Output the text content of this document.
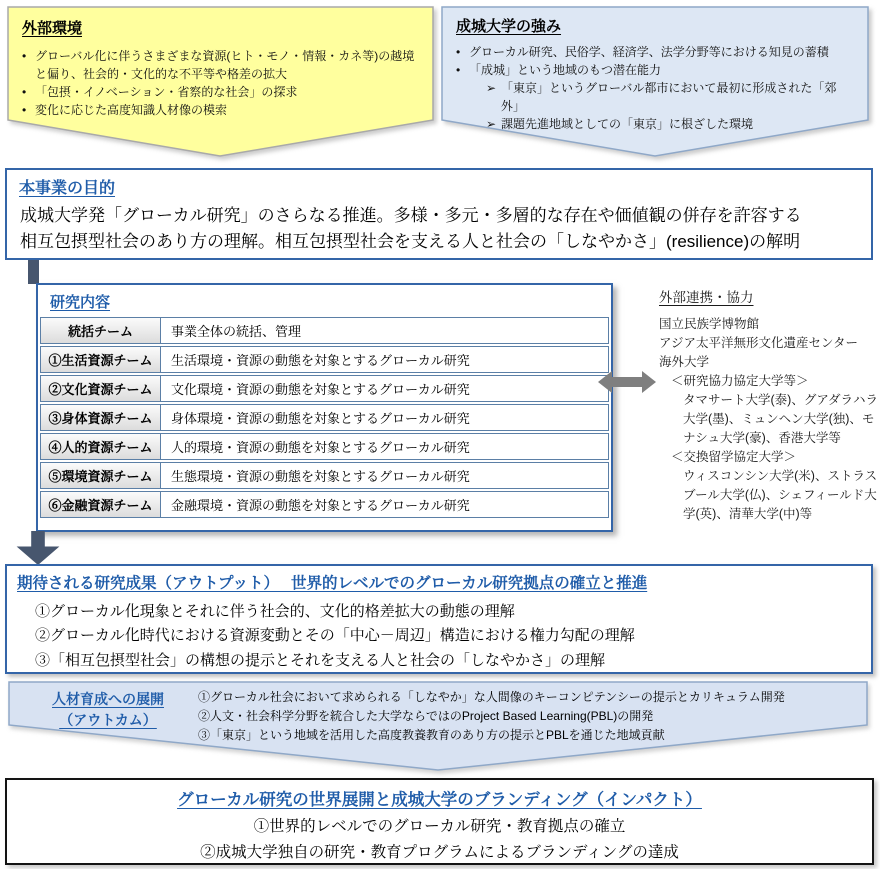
外部環境
• グローバル化に伴うさまざまな資源(ヒト・モノ・情報・カネ等)の越境と偏り、社会的・文化的な不平等や格差の拡大
• 「包摂・イノベーション・省察的な社会」の探求
• 変化に応じた高度知識人材像の模索
成城大学の強み
• グローカル研究、民俗学、経済学、法学分野等における知見の蓄積
• 「成城」という地域のもつ潜在能力
➢ 「東京」というグローバル都市において最初に形成された「郊外」
➢ 課題先進地域としての「東京」に根ざした環境
本事業の目的
成城大学発「グローカル研究」のさらなる推進。多様・多元・多層的な存在や価値観の併存を許容する
相互包摂型社会のあり方の理解。相互包摂型社会を支える人と社会の「しなやかさ」(resilience)の解明
研究内容
統括チーム	事業全体の統括、管理
①生活資源チーム	生活環境・資源の動態を対象とするグローカル研究
②文化資源チーム	文化環境・資源の動態を対象とするグローカル研究
③身体資源チーム	身体環境・資源の動態を対象とするグローカル研究
④人的資源チーム	人的環境・資源の動態を対象とするグローカル研究
⑤環境資源チーム	生態環境・資源の動態を対象とするグローカル研究
⑥金融資源チーム	金融環境・資源の動態を対象とするグローカル研究
外部連携・協力
国立民族学博物館
アジア太平洋無形文化遺産センター
海外大学
＜研究協力協定大学等＞
タマサート大学(泰)、グアダラハラ大学(墨)、ミュンヘン大学(独)、モナシュ大学(豪)、香港大学等
＜交換留学協定大学＞
ウィスコンシン大学(米)、ストラスブール大学(仏)、シェフィールド大学(英)、清華大学(中)等
期待される研究成果（アウトプット）　 世界的レベルでのグローカル研究拠点の確立と推進
①グローカル化現象とそれに伴う社会的、文化的格差拡大の動態の理解
②グローカル化時代における資源変動とその「中心－周辺」構造における権力勾配の理解
③「相互包摂型社会」の構想の提示とそれを支える人と社会の「しなやかさ」の理解
人材育成への展開
（アウトカム）
①グローカル社会において求められる「しなやか」な人間像のキーコンピテンシーの提示とカリキュラム開発
②人文・社会科学分野を統合した大学ならではのProject Based Learning(PBL)の開発
③「東京」という地域を活用した高度教養教育のあり方の提示とPBLを通じた地域貢献
グローカル研究の世界展開と成城大学のブランディング（インパクト）
①世界的レベルでのグローカル研究・教育拠点の確立
②成城大学独自の研究・教育プログラムによるブランディングの達成
